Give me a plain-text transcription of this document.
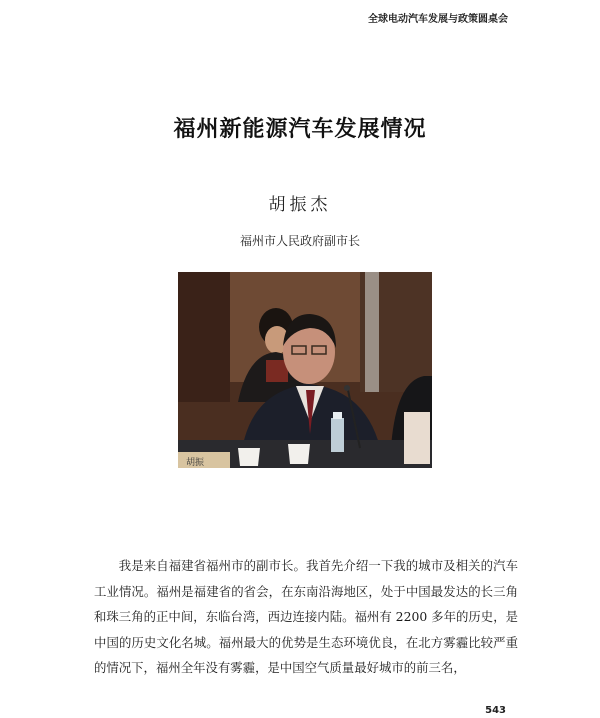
全球电动汽车发展与政策圆桌会
福州新能源汽车发展情况
胡振杰
福州市人民政府副市长
胡振

我是来自福建省福州市的副市长。我首先介绍一下我的城市及相关的汽车工业情况。福州是福建省的省会，在东南沿海地区，处于中国最发达的长三角和珠三角的正中间，东临台湾，西边连接内陆。福州有 2200 多年的历史，是中国的历史文化名城。福州最大的优势是生态环境优良，在北方雾霾比较严重的情况下，福州全年没有雾霾，是中国空气质量最好城市的前三名，

543
